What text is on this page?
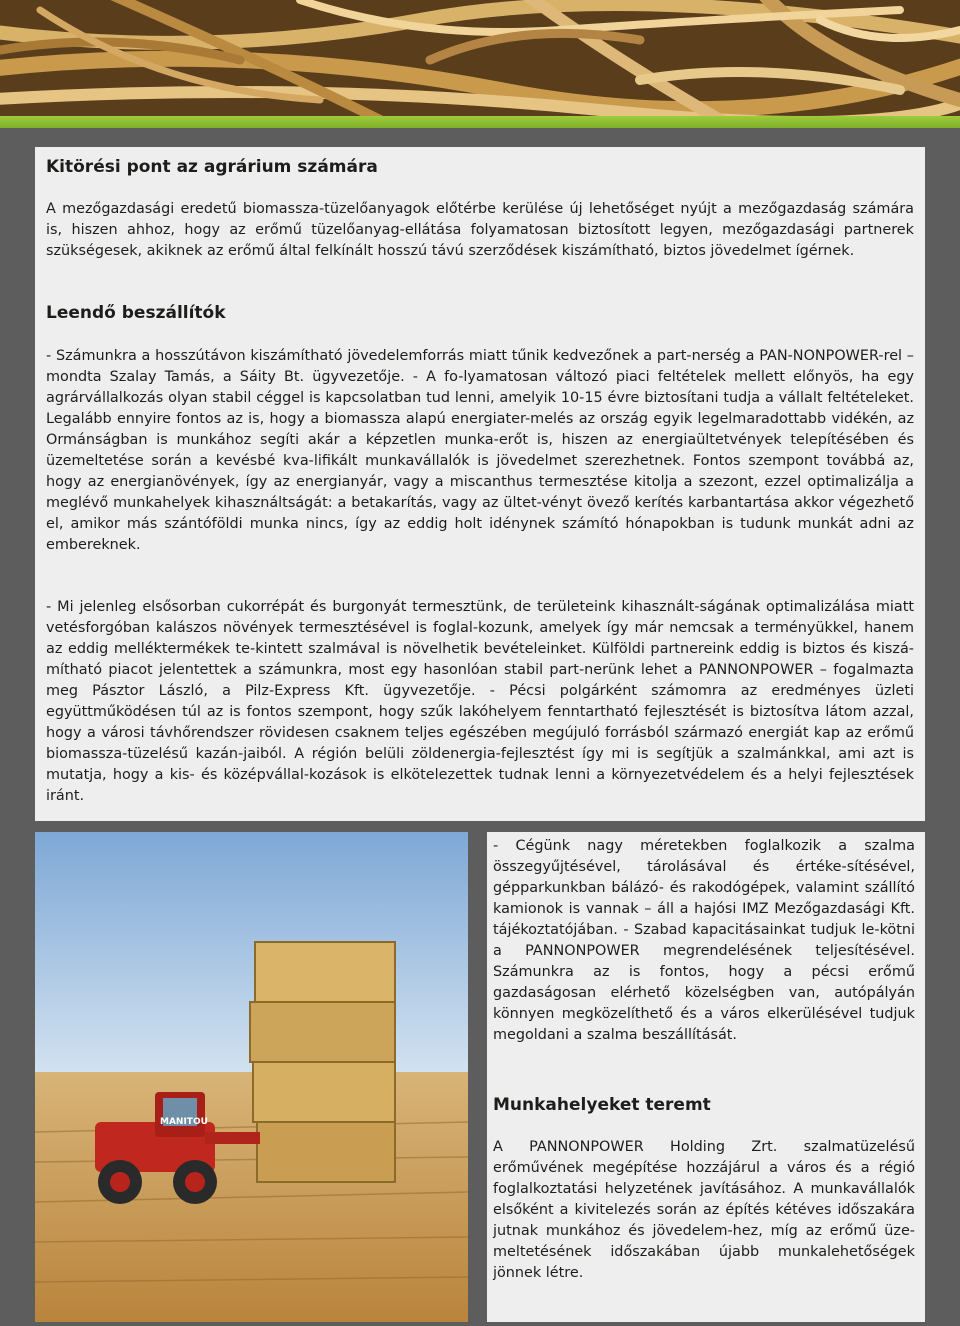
Kitörési pont az agrárium számára

A mezőgazdasági eredetű biomassza-tüzelőanyagok előtérbe kerülése új lehetőséget nyújt a mezőgazdaság számára is, hiszen ahhoz, hogy az erőmű tüzelőanyag-ellátása folyamatosan biztosított legyen, mezőgazdasági partnerek szükségesek, akiknek az erőmű által felkínált hosszú távú szerződések kiszámítható, biztos jövedelmet ígérnek.

Leendő beszállítók

- Számunkra a hosszútávon kiszámítható jövedelemforrás miatt tűnik kedvezőnek a part-nerség a PAN-NONPOWER-rel – mondta Szalay Tamás, a Sáity Bt. ügyvezetője. - A fo-lyamatosan változó piaci feltételek mellett előnyös, ha egy agrárvállalkozás olyan stabil céggel is kapcsolatban tud lenni, amelyik 10-15 évre biztosítani tudja a vállalt feltételeket. Legalább ennyire fontos az is, hogy a biomassza alapú energiater-melés az ország egyik legelmaradottabb vidékén, az Ormánságban is munkához segíti akár a képzetlen munka-erőt is, hiszen az energiaültetvények telepítésében és üzemeltetése során a kevésbé kva-lifikált munkavállalók is jövedelmet szerezhetnek. Fontos szempont továbbá az, hogy az energianövények, így az energianyár, vagy a miscanthus termesztése kitolja a szezont, ezzel optimalizálja a meglévő munkahelyek kihasználtságát: a betakarítás, vagy az ültet-vényt övező kerítés karbantartása akkor végezhető el, amikor más szántóföldi munka nincs, így az eddig holt idénynek számító hónapokban is tudunk munkát adni az embereknek.

- Mi jelenleg elsősorban cukorrépát és burgonyát termesztünk, de területeink kihasznált-ságának optimalizálása miatt vetésforgóban kalászos növények termesztésével is foglal-kozunk, amelyek így már nemcsak a terményükkel, hanem az eddig melléktermékek te-kintett szalmával is növelhetik bevételeinket. Külföldi partnereink eddig is biztos és kiszá-mítható piacot jelentettek a számunkra, most egy hasonlóan stabil part-nerünk lehet a PANNONPOWER – fogalmazta meg Pásztor László, a Pilz-Express Kft. ügyvezetője. - Pécsi polgárként számomra az eredményes üzleti együttműködésen túl az is fontos szempont, hogy szűk lakóhelyem fenntartható fejlesztését is biztosítva látom azzal, hogy a városi távhőrendszer rövidesen csaknem teljes egészében megújuló forrásból származó energiát kap az erőmű biomassza-tüzelésű kazán-jaiból. A régión belüli zöldenergia-fejlesztést így mi is segítjük a szalmánkkal, ami azt is mutatja, hogy a kis- és középvállal-kozások is elkötelezettek tudnak lenni a környezetvédelem és a helyi fejlesztések iránt.

MANITOU

- Cégünk nagy méretekben foglalkozik a szalma összegyűjtésével, tárolásával és értéke-sítésével, gépparkunkban bálázó- és rakodógépek, valamint szállító kamionok is vannak – áll a hajósi IMZ Mezőgazdasági Kft. tájékoztatójában. - Szabad kapacitásainkat tudjuk le-kötni a PANNONPOWER megrendelésének teljesítésével. Számunkra az is fontos, hogy a pécsi erőmű gazdaságosan elérhető közelségben van, autópályán könnyen megközelíthető és a város elkerülésével tudjuk megoldani a szalma beszállítását.

Munkahelyeket teremt

A PANNONPOWER Holding Zrt. szalmatüzelésű erőművének megépítése hozzájárul a város és a régió foglalkoztatási helyzetének javításához. A munkavállalók elsőként a kivitelezés során az építés kétéves időszakára jutnak munkához és jövedelem-hez, míg az erőmű üze-meltetésének időszakában újabb munkalehetőségek jönnek létre.
